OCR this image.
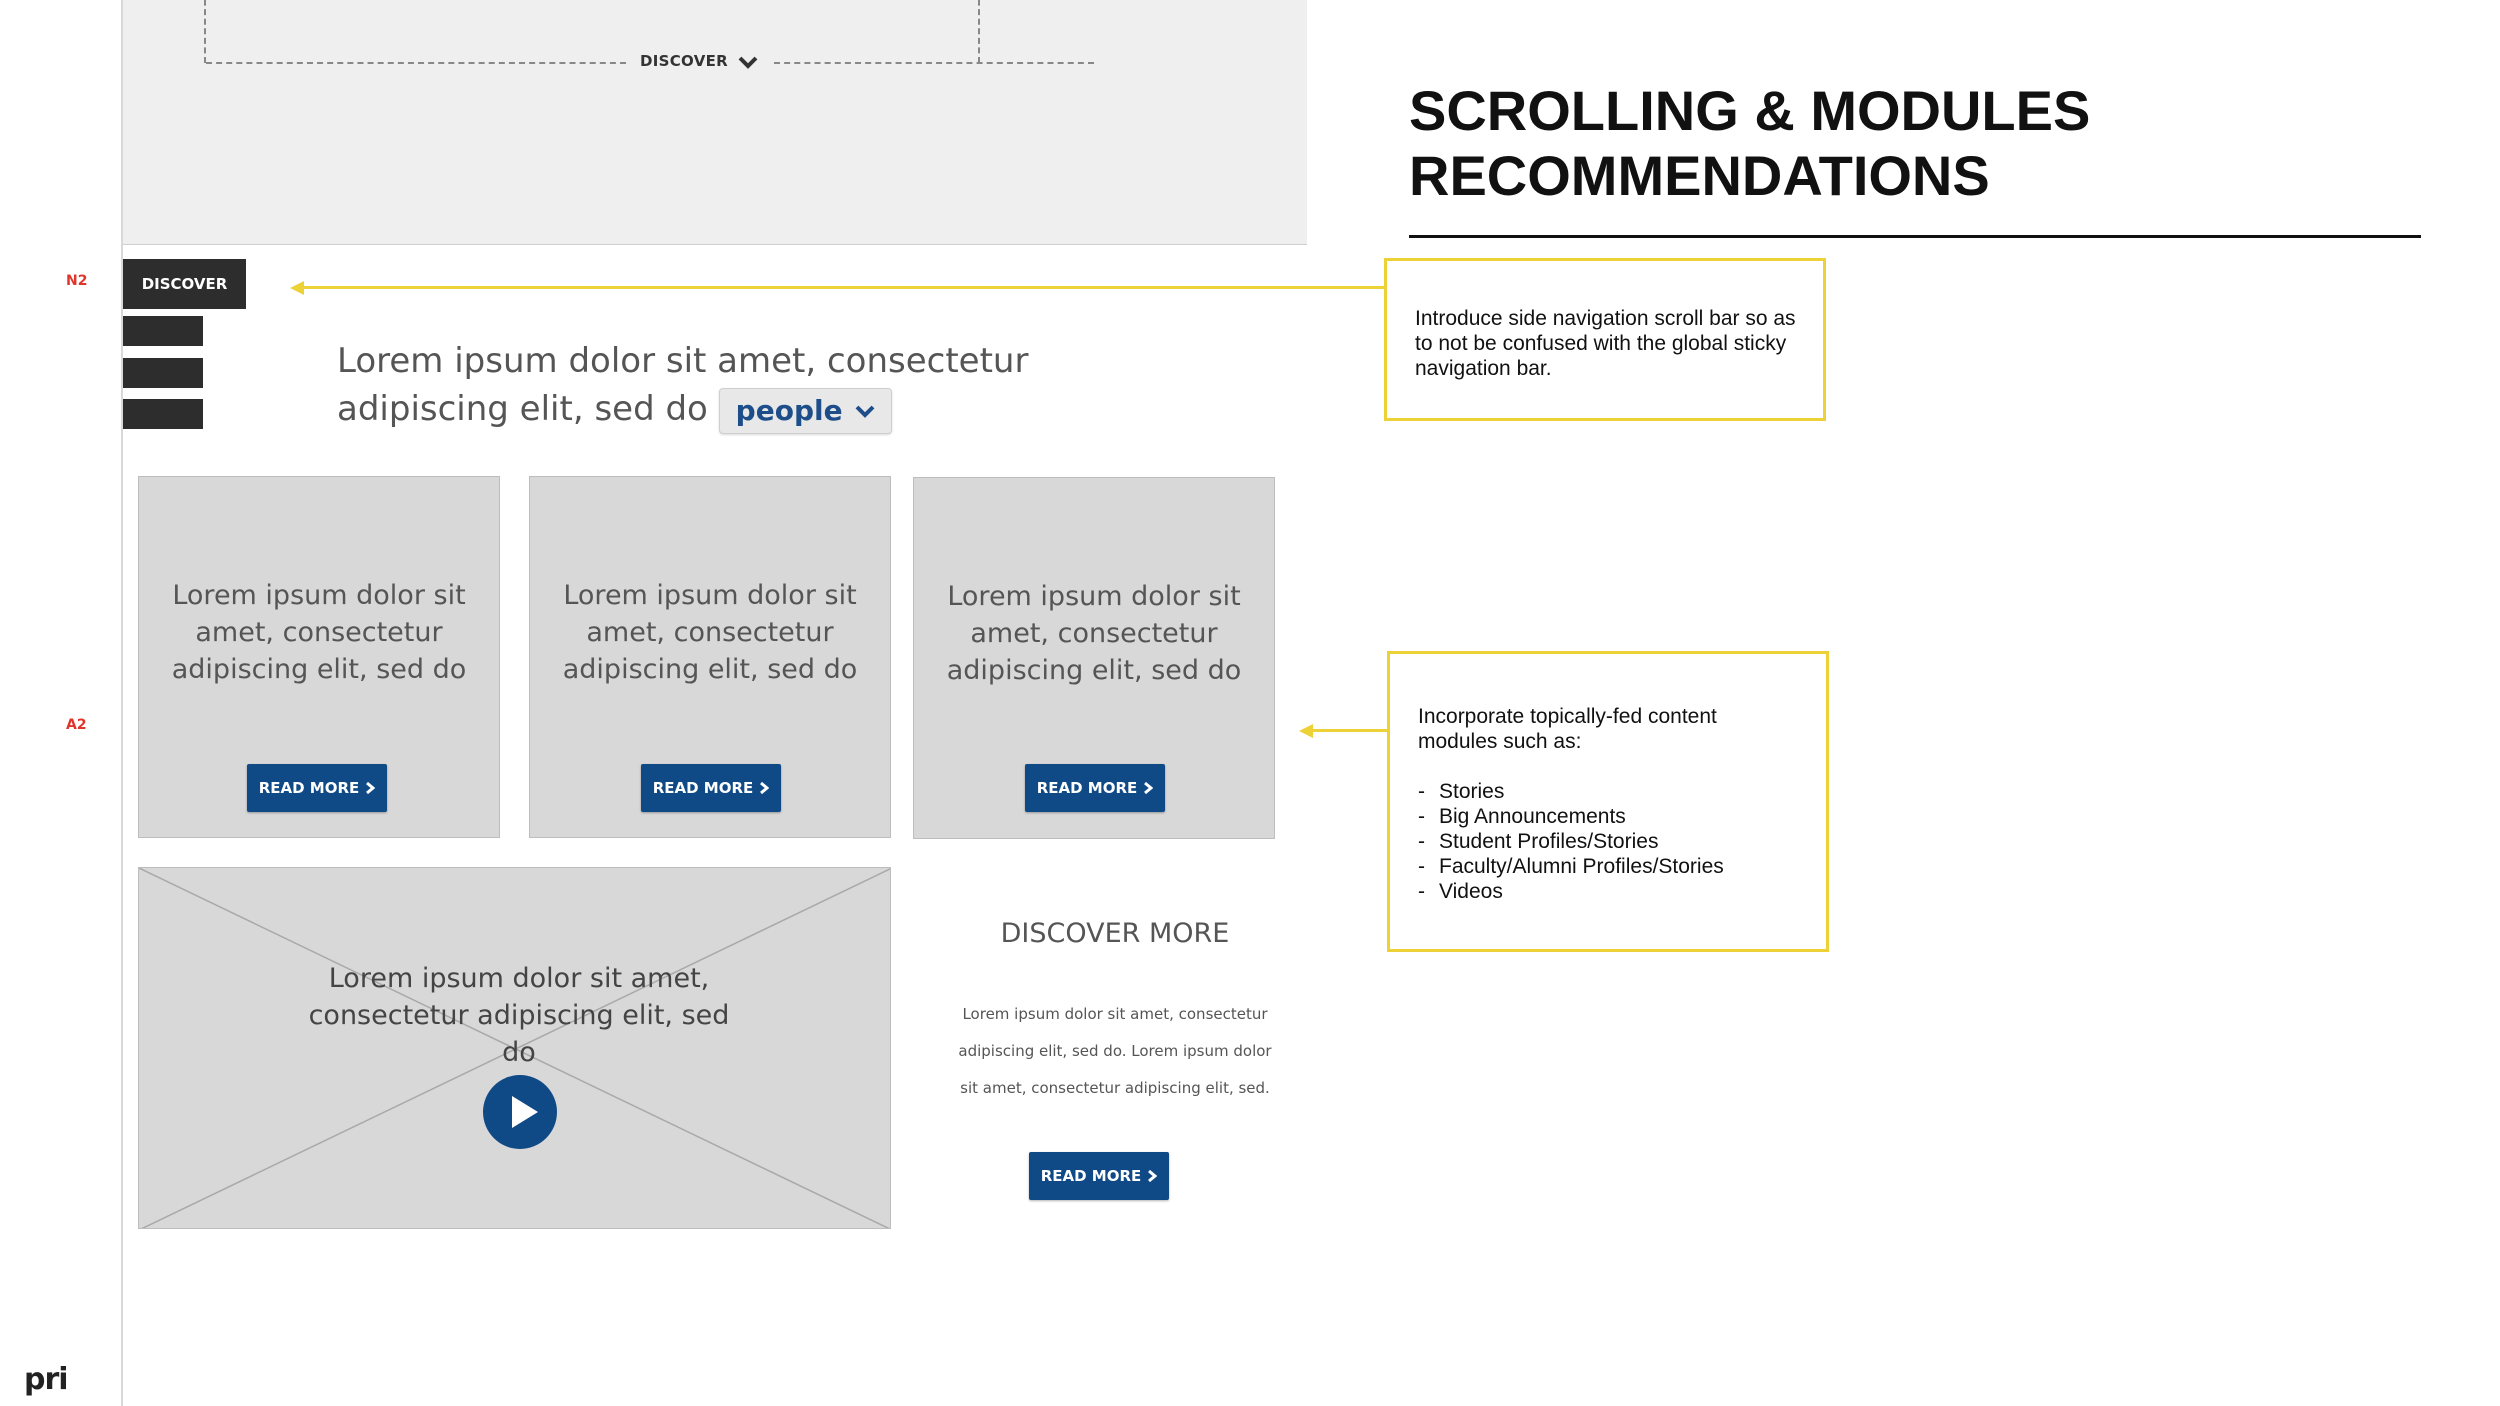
DISCOVER
N2
A2
DISCOVER
Lorem ipsum dolor sit amet, consectetur
adipiscing elit, sed do people
Lorem ipsum dolor sit amet, consectetur adipiscing elit, sed do
READ MORE
Lorem ipsum dolor sit amet, consectetur adipiscing elit, sed do
READ MORE
Lorem ipsum dolor sit amet, consectetur adipiscing elit, sed do
READ MORE
Lorem ipsum dolor sit amet, consectetur adipiscing elit, sed do
DISCOVER MORE
Lorem ipsum dolor sit amet, consectetur adipiscing elit, sed do. Lorem ipsum dolor sit amet, consectetur adipiscing elit, sed.
READ MORE
SCROLLING & MODULES
RECOMMENDATIONS
Introduce side navigation scroll bar so as to not be confused with the global sticky navigation bar.
Incorporate topically-fed content modules such as:
- Stories
- Big Announcements
- Student Profiles/Stories
- Faculty/Alumni Profiles/Stories
- Videos
pri
